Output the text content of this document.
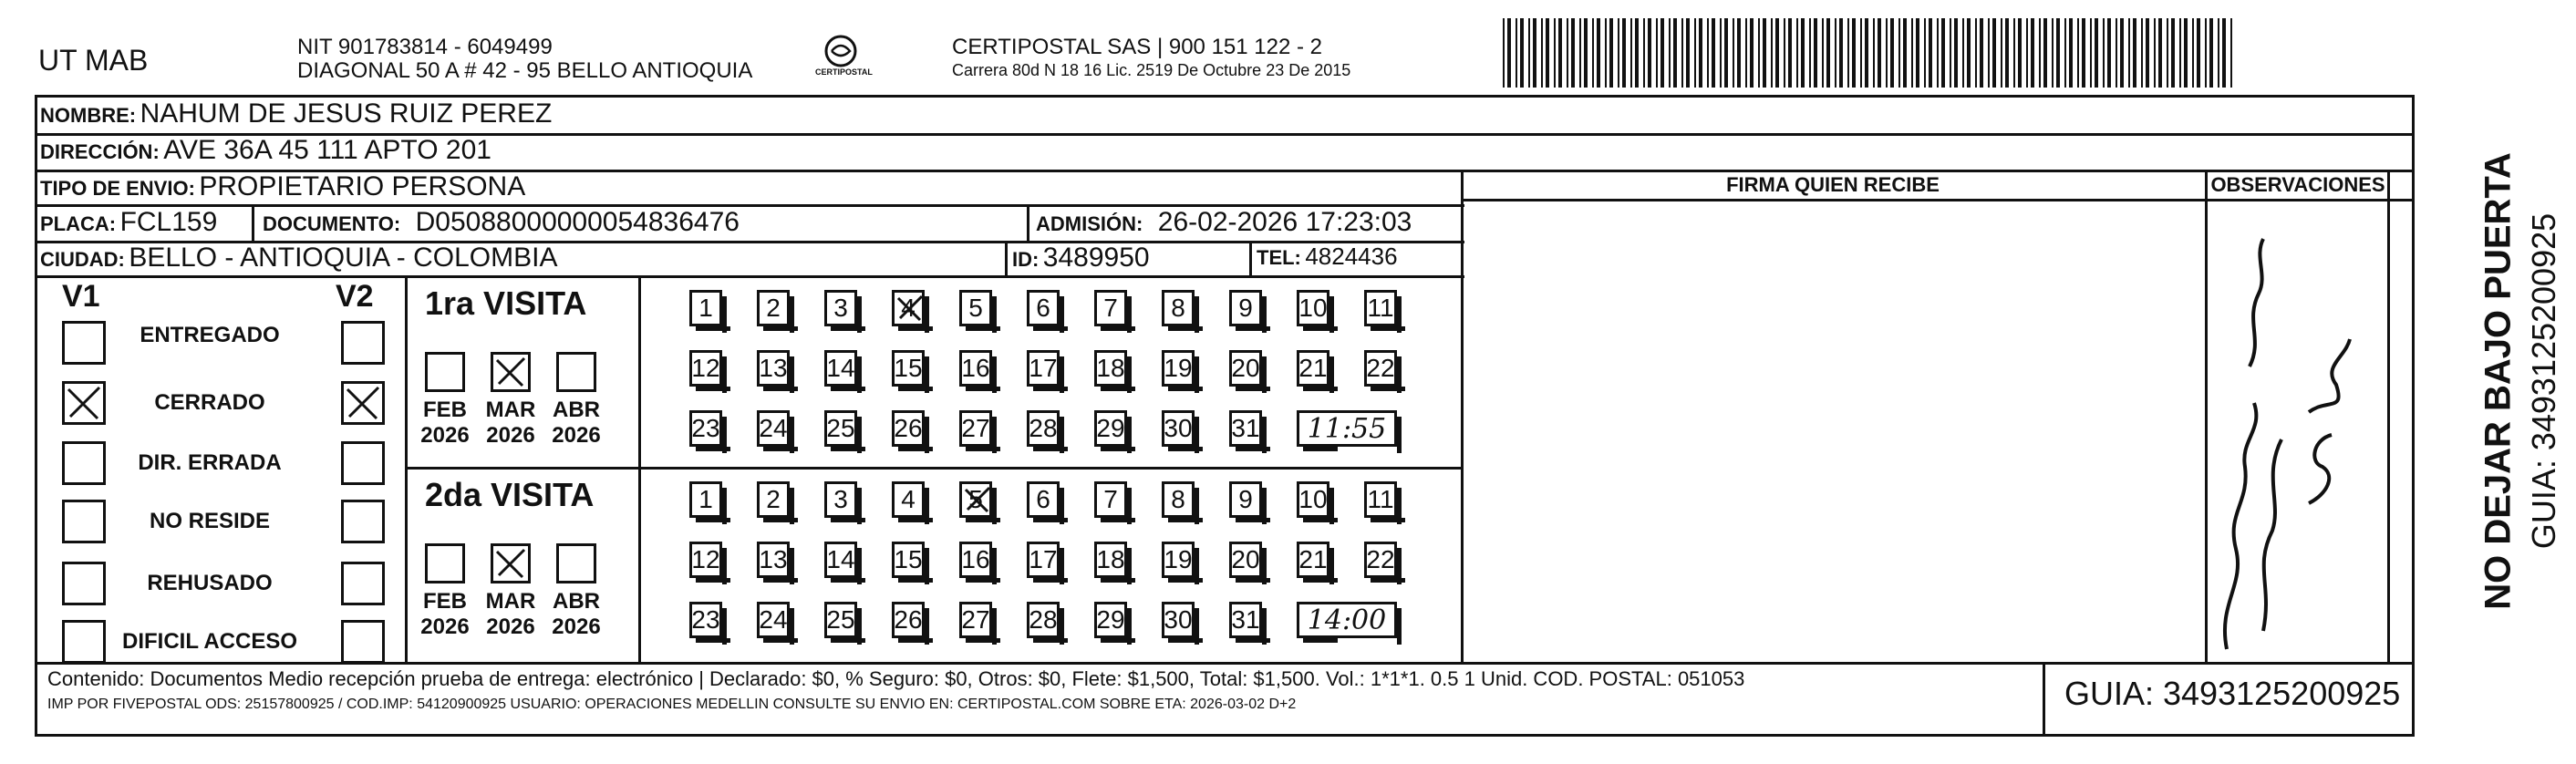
UT MAB	NIT 901783814 - 6049499
DIAGONAL 50 A # 42 - 95 BELLO ANTIOQUIA	CERTIPOSTAL
CERTIPOSTAL SAS | 900 151 122 - 2
Carrera 80d N 18 16 Lic. 2519 De Octubre 23 De 2015
NOMBRE: NAHUM DE JESUS RUIZ PEREZ
DIRECCIÓN: AVE 36A 45 111 APTO 201
TIPO DE ENVIO: PROPIETARIO PERSONA
PLACA: FCL159 DOCUMENTO: D05088000000054836476	ADMISIÓN: 26-02-2026 17:23:03
CIUDAD: BELLO - ANTIOQUIA - COLOMBIA	ID: 3489950	TEL: 4824436
FIRMA QUIEN RECIBE	OBSERVACIONES
V1	V2
ENTREGADO
CERRADO
DIR. ERRADA
NO RESIDE
REHUSADO
DIFICIL ACCESO
1ra VISITA
FEB
2026
MAR
2026
ABR
2026
1 2 3 4 5 6 7 8 9 10 11
12 13 14 15 16 17 18 19 20 21 22
23 24 25 26 27 28 29 30 31 11:55
2da VISITA
FEB
2026
MAR
2026
ABR
2026
1 2 3 4 5 6 7 8 9 10 11
12 13 14 15 16 17 18 19 20 21 22
23 24 25 26 27 28 29 30 31 14:00
Contenido: Documentos Medio recepción prueba de entrega: electrónico | Declarado: $0, % Seguro: $0, Otros: $0, Flete: $1,500, Total: $1,500. Vol.: 1*1*1. 0.5 1 Unid. COD. POSTAL: 051053
IMP POR FIVEPOSTAL ODS: 25157800925 / COD.IMP: 54120900925 USUARIO: OPERACIONES MEDELLIN CONSULTE SU ENVIO EN: CERTIPOSTAL.COM SOBRE ETA: 2026-03-02 D+2	GUIA: 3493125200925
NO DEJAR BAJO PUERTA GUIA: 3493125200925
